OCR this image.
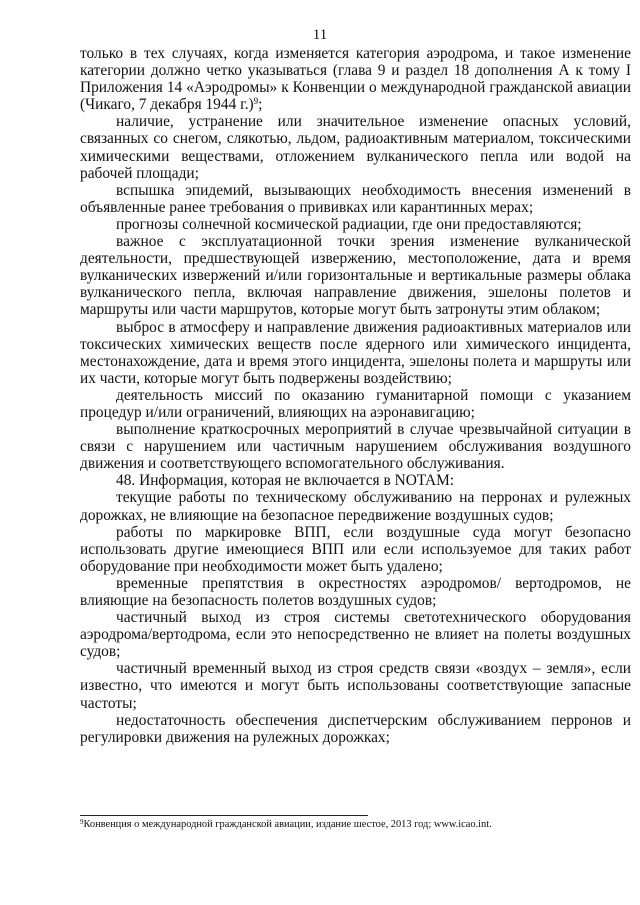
11

только в тех случаях, когда изменяется категория аэродрома, и такое изменение категории должно четко указываться (глава 9 и раздел 18 дополнения А к тому I Приложения 14 «Аэродромы» к Конвенции о международной гражданской авиации (Чикаго, 7 декабря 1944 г.)$^9$;

наличие, устранение или значительное изменение опасных условий, связанных со снегом, слякотью, льдом, радиоактивным материалом, токсическими химическими веществами, отложением вулканического пепла или водой на рабочей площади;

вспышка эпидемий, вызывающих необходимость внесения изменений в объявленные ранее требования о прививках или карантинных мерах;

прогнозы солнечной космической радиации, где они предоставляются;

важное с эксплуатационной точки зрения изменение вулканической деятельности, предшествующей извержению, местоположение, дата и время вулканических извержений и/или горизонтальные и вертикальные размеры облака вулканического пепла, включая направление движения, эшелоны полетов и маршруты или части маршрутов, которые могут быть затронуты этим облаком;

выброс в атмосферу и направление движения радиоактивных материалов или токсических химических веществ после ядерного или химического инцидента, местонахождение, дата и время этого инцидента, эшелоны полета и маршруты или их части, которые могут быть подвержены воздействию;

деятельность миссий по оказанию гуманитарной помощи с указанием процедур и/или ограничений, влияющих на аэронавигацию;

выполнение краткосрочных мероприятий в случае чрезвычайной ситуации в связи с нарушением или частичным нарушением обслуживания воздушного движения и соответствующего вспомогательного обслуживания.

48. Информация, которая не включается в NOTAM:

текущие работы по техническому обслуживанию на перронах и рулежных дорожках, не влияющие на безопасное передвижение воздушных судов;

работы по маркировке ВПП, если воздушные суда могут безопасно использовать другие имеющиеся ВПП или если используемое для таких работ оборудование при необходимости может быть удалено;

временные препятствия в окрестностях аэродромов/ вертодромов, не влияющие на безопасность полетов воздушных судов;

частичный выход из строя системы светотехнического оборудования аэродрома/вертодрома, если это непосредственно не влияет на полеты воздушных судов;

частичный временный выход из строя средств связи «воздух – земля», если известно, что имеются и могут быть использованы соответствующие запасные частоты;

недостаточность обеспечения диспетчерским обслуживанием перронов и регулировки движения на рулежных дорожках;

$^9$Конвенция о международной гражданской авиации, издание шестое, 2013 год; www.icao.int.
